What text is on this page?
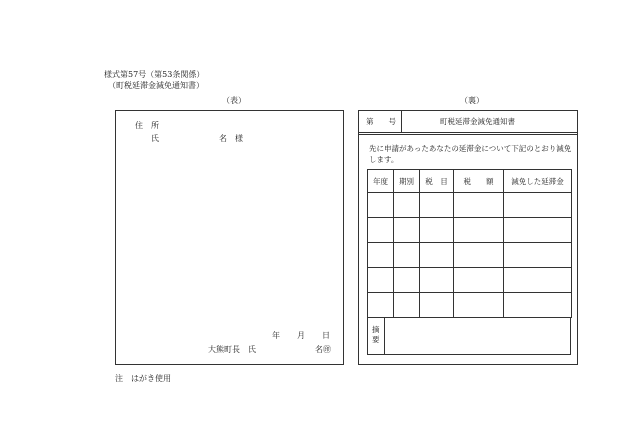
様式第57号（第53条関係）
（町税延滞金減免通知書）
（表）	（裏）
住　所
氏	名　様
年 月 日
大熊町長　氏	名㊞
第　　号	町税延滞金減免通知書
先に申請があったあなたの延滞金について下記のとおり減免します。
年度	期別	税　目	税　　額	減免した延滞金

摘要
注　はがき使用
